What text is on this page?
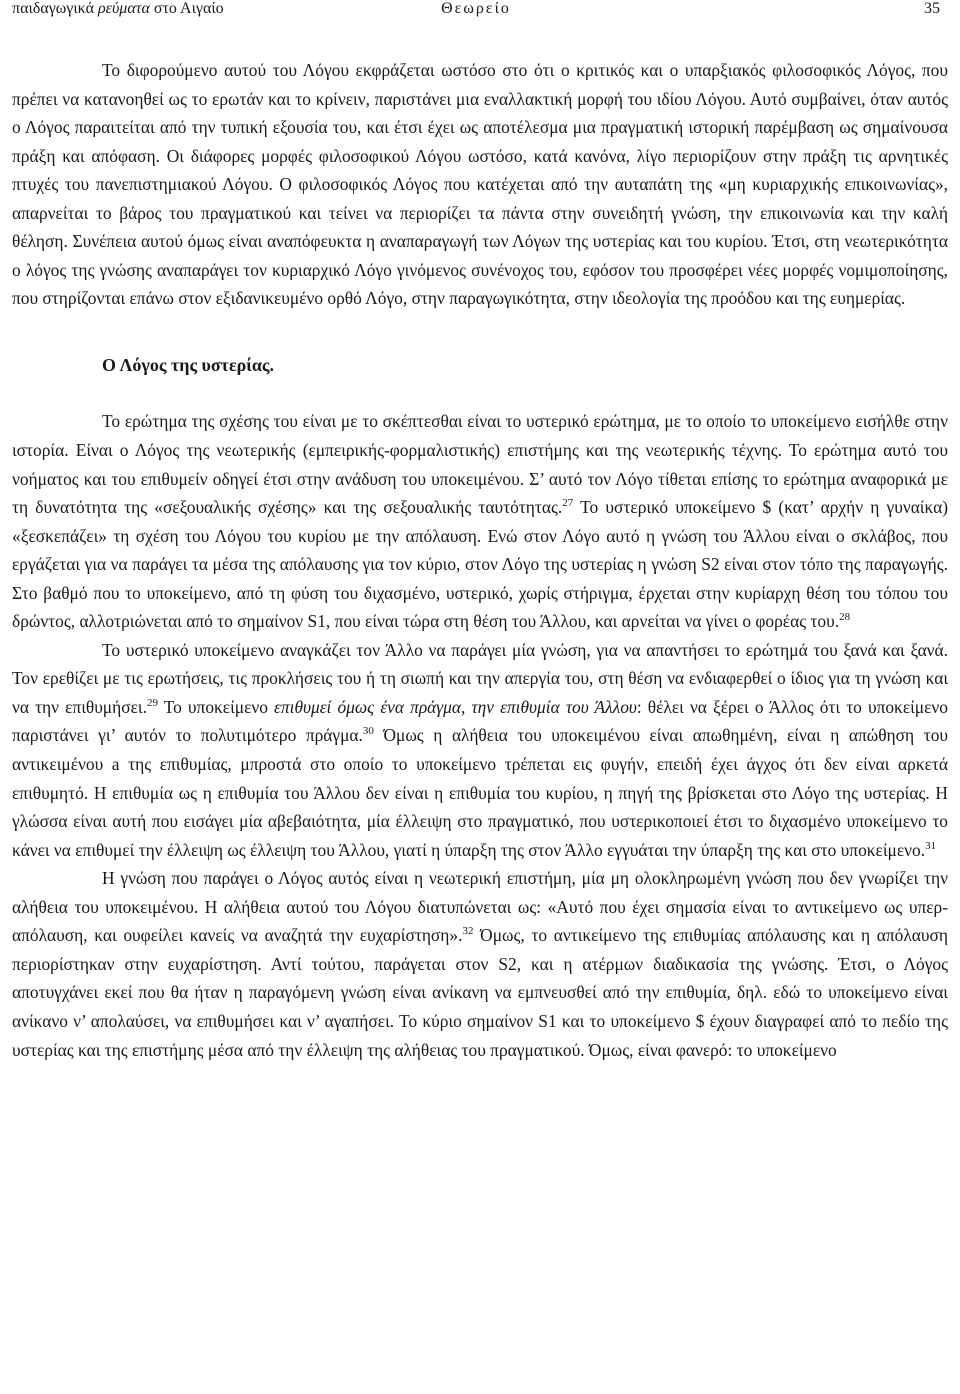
παιδαγωγικά ρεύματα στο Αιγαίο	Θεωρείο	35

Το διφορούμενο αυτού του Λόγου εκφράζεται ωστόσο στο ότι ο κριτικός και ο υπαρξιακός φιλοσοφικός Λόγος, που πρέπει να κατανοηθεί ως το ερωτάν και το κρίνειν, παριστάνει μια εναλλακτική μορφή του ιδίου Λόγου. Αυτό συμβαίνει, όταν αυτός ο Λόγος παραιτείται από την τυπική εξουσία του, και έτσι έχει ως αποτέλεσμα μια πραγματική ιστορική παρέμβαση ως σημαίνουσα πράξη και απόφαση. Οι διάφορες μορφές φιλοσοφικού Λόγου ωστόσο, κατά κανόνα, λίγο περιορίζουν στην πράξη τις αρνητικές πτυχές του πανεπιστημιακού Λόγου. Ο φιλοσοφικός Λόγος που κατέχεται από την αυταπάτη της «μη κυριαρχικής επικοινωνίας», απαρνείται το βάρος του πραγματικού και τείνει να περιορίζει τα πάντα στην συνειδητή γνώση, την επικοινωνία και την καλή θέληση. Συνέπεια αυτού όμως είναι αναπόφευκτα η αναπαραγωγή των Λόγων της υστερίας και του κυρίου. Έτσι, στη νεωτερικότητα ο λόγος της γνώσης αναπαράγει τον κυριαρχικό Λόγο γινόμενος συνένοχος του, εφόσον του προσφέρει νέες μορφές νομιμοποίησης, που στηρίζονται επάνω στον εξιδανικευμένο ορθό Λόγο, στην παραγωγικότητα, στην ιδεολογία της προόδου και της ευημερίας.

Ο Λόγος της υστερίας.

Το ερώτημα της σχέσης του είναι με το σκέπτεσθαι είναι το υστερικό ερώτημα, με το οποίο το υποκείμενο εισήλθε στην ιστορία. Είναι ο Λόγος της νεωτερικής (εμπειρικής-φορμαλιστικής) επιστήμης και της νεωτερικής τέχνης. Το ερώτημα αυτό του νοήματος και του επιθυμείν οδηγεί έτσι στην ανάδυση του υποκειμένου. Σ’ αυτό τον Λόγο τίθεται επίσης το ερώτημα αναφορικά με τη δυνατότητα της «σεξουαλικής σχέσης» και της σεξουαλικής ταυτότητας.$^{27}$ Το υστερικό υποκείμενο $ (κατ’ αρχήν η γυναίκα) «ξεσκεπάζει» τη σχέση του Λόγου του κυρίου με την απόλαυση. Ενώ στον Λόγο αυτό η γνώση του Άλλου είναι ο σκλάβος, που εργάζεται για να παράγει τα μέσα της απόλαυσης για τον κύριο, στον Λόγο της υστερίας η γνώση S2 είναι στον τόπο της παραγωγής. Στο βαθμό που το υποκείμενο, από τη φύση του διχασμένο, υστερικό, χωρίς στήριγμα, έρχεται στην κυρίαρχη θέση του τόπου του δρώντος, αλλοτριώνεται από το σημαίνον S1, που είναι τώρα στη θέση του Άλλου, και αρνείται να γίνει ο φορέας του.$^{28}$

Το υστερικό υποκείμενο αναγκάζει τον Άλλο να παράγει μία γνώση, για να απαντήσει το ερώτημά του ξανά και ξανά. Τον ερεθίζει με τις ερωτήσεις, τις προκλήσεις του ή τη σιωπή και την απεργία του, στη θέση να ενδιαφερθεί ο ίδιος για τη γνώση και να την επιθυμήσει.$^{29}$ Το υποκείμενο επιθυμεί όμως ένα πράγμα, την επιθυμία του Άλλου: θέλει να ξέρει ο Άλλος ότι το υποκείμενο παριστάνει γι’ αυτόν το πολυτιμότερο πράγμα.$^{30}$ Όμως η αλήθεια του υποκειμένου είναι απωθημένη, είναι η απώθηση του αντικειμένου a της επιθυμίας, μπροστά στο οποίο το υποκείμενο τρέπεται εις φυγήν, επειδή έχει άγχος ότι δεν είναι αρκετά επιθυμητό. Η επιθυμία ως η επιθυμία του Άλλου δεν είναι η επιθυμία του κυρίου, η πηγή της βρίσκεται στο Λόγο της υστερίας. Η γλώσσα είναι αυτή που εισάγει μία αβεβαιότητα, μία έλλειψη στο πραγματικό, που υστερικοποιεί έτσι το διχασμένο υποκείμενο το κάνει να επιθυμεί την έλλειψη ως έλλειψη του Άλλου, γιατί η ύπαρξη της στον Άλλο εγγυάται την ύπαρξη της και στο υποκείμενο.$^{31}$

Η γνώση που παράγει ο Λόγος αυτός είναι η νεωτερική επιστήμη, μία μη ολοκληρωμένη γνώση που δεν γνωρίζει την αλήθεια του υποκειμένου. Η αλήθεια αυτού του Λόγου διατυπώνεται ως: «Αυτό που έχει σημασία είναι το αντικείμενο ως υπερ-απόλαυση, και ουφείλει κανείς να αναζητά την ευχαρίστηση».$^{32}$ Όμως, το αντικείμενο της επιθυμίας απόλαυσης και η απόλαυση περιορίστηκαν στην ευχαρίστηση. Αντί τούτου, παράγεται στον S2, και η ατέρμων διαδικασία της γνώσης. Έτσι, ο Λόγος αποτυγχάνει εκεί που θα ήταν η παραγόμενη γνώση είναι ανίκανη να εμπνευσθεί από την επιθυμία, δηλ. εδώ το υποκείμενο είναι ανίκανο ν’ απολαύσει, να επιθυμήσει και ν’ αγαπήσει. Το κύριο σημαίνον S1 και το υποκείμενο $ έχουν διαγραφεί από το πεδίο της υστερίας και της επιστήμης μέσα από την έλλειψη της αλήθειας του πραγματικού. Όμως, είναι φανερό: το υποκείμενο
